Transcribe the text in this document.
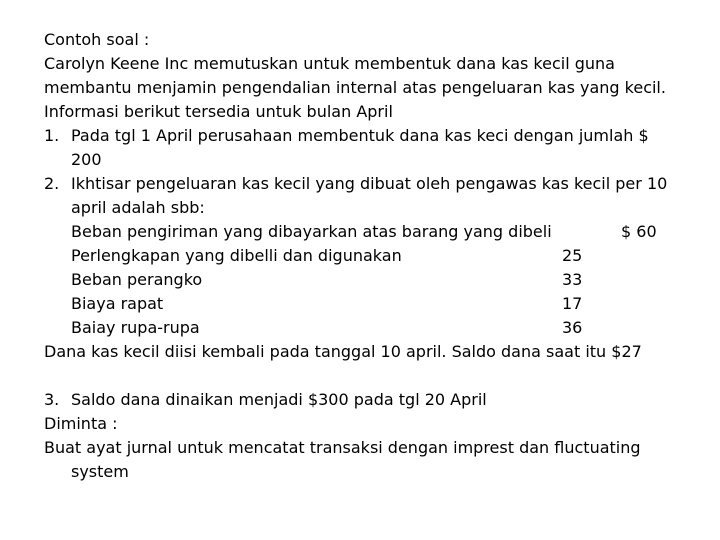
Contoh soal :
Carolyn Keene Inc memutuskan untuk membentuk dana kas kecil guna
membantu menjamin pengendalian internal atas pengeluaran kas yang kecil.
Informasi berikut tersedia untuk bulan April
1. Pada tgl 1 April perusahaan membentuk dana kas keci dengan jumlah $
200
2. Ikhtisar pengeluaran kas kecil yang dibuat oleh pengawas kas kecil per 10
april adalah sbb:
Beban pengiriman yang dibayarkan atas barang yang dibeli	$ 60
Perlengkapan yang dibelli dan digunakan	25
Beban perangko	33
Biaya rapat	17
Baiay rupa-rupa	36
Dana kas kecil diisi kembali pada tanggal 10 april. Saldo dana saat itu $27
3. Saldo dana dinaikan menjadi $300 pada tgl 20 April
Diminta :
Buat ayat jurnal untuk mencatat transaksi dengan imprest dan fluctuating
system
